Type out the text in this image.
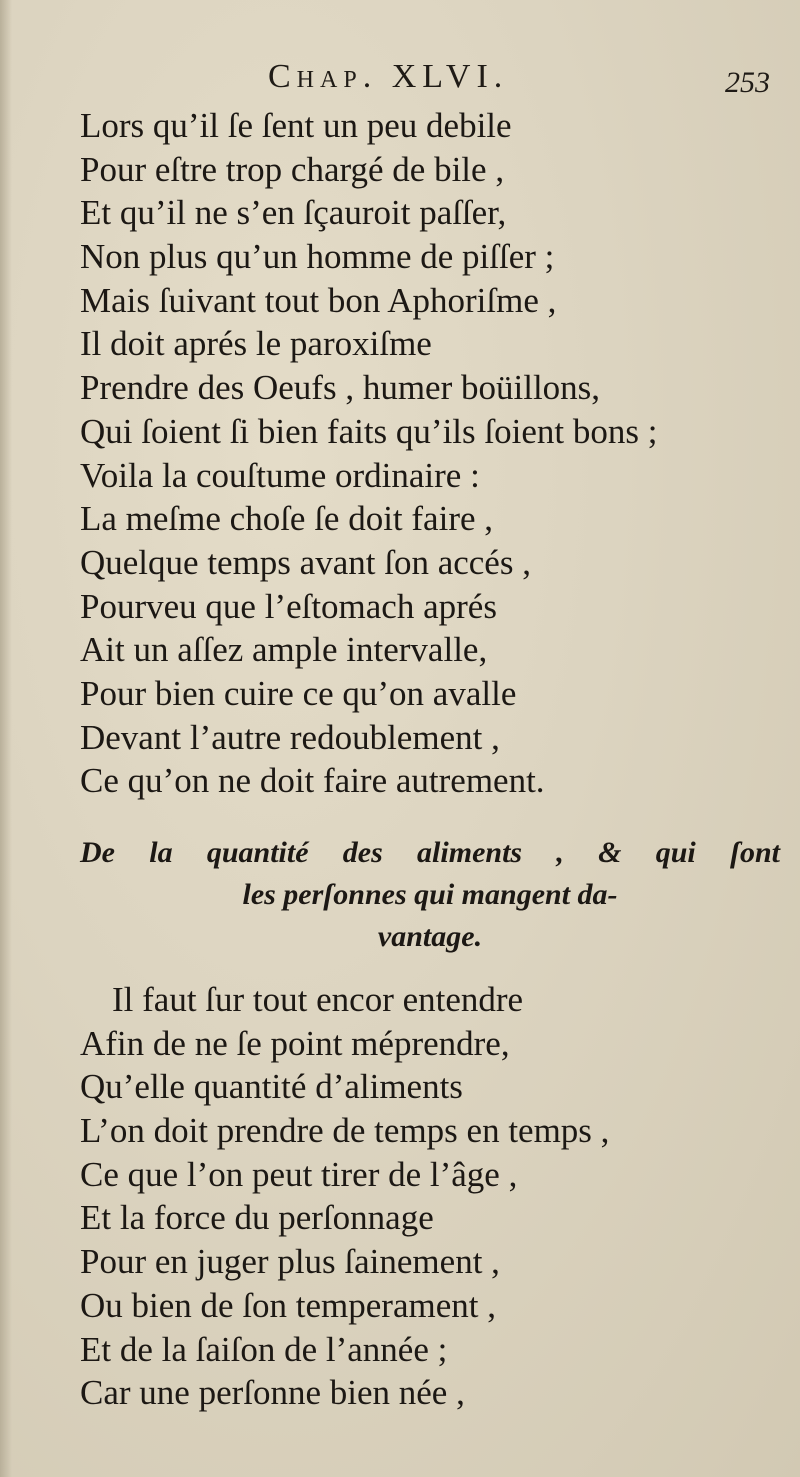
Chap. XLVI.	253
Lors qu’il ſe ſent un peu debile
Pour eſtre trop chargé de bile ,
Et qu’il ne s’en ſçauroit paſſer,
Non plus qu’un homme de piſſer ;
Mais ſuivant tout bon Aphoriſme ,
Il doit aprés le paroxiſme
Prendre des Oeufs , humer boüillons,
Qui ſoient ſi bien faits qu’ils ſoient bons ;
Voila la couſtume ordinaire :
La meſme choſe ſe doit faire ,
Quelque temps avant ſon accés ,
Pourveu que l’eſtomach aprés
Ait un aſſez ample intervalle,
Pour bien cuire ce qu’on avalle
Devant l’autre redoublement ,
Ce qu’on ne doit faire autrement.
De la quantité des aliments , & qui ſont
les perſonnes qui mangent da-
vantage.
Il faut ſur tout encor entendre
Afin de ne ſe point méprendre,
Qu’elle quantité d’aliments
L’on doit prendre de temps en temps ,
Ce que l’on peut tirer de l’âge ,
Et la force du perſonnage
Pour en juger plus ſainement ,
Ou bien de ſon temperament ,
Et de la ſaiſon de l’année ;
Car une perſonne bien née ,
